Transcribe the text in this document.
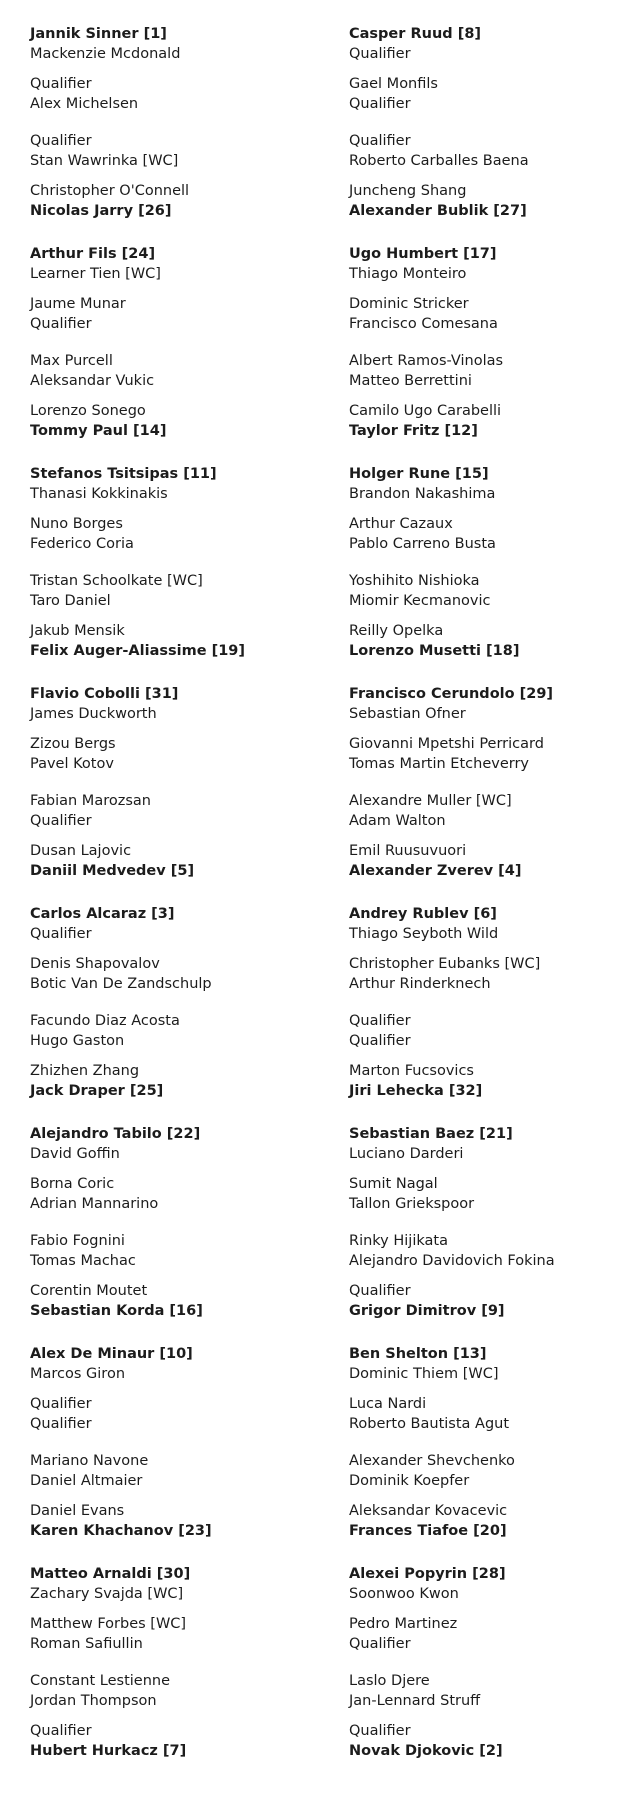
Jannik Sinner [1]
Mackenzie Mcdonald
Qualifier
Alex Michelsen
Qualifier
Stan Wawrinka [WC]
Christopher O'Connell
Nicolas Jarry [26]
Arthur Fils [24]
Learner Tien [WC]
Jaume Munar
Qualifier
Max Purcell
Aleksandar Vukic
Lorenzo Sonego
Tommy Paul [14]
Stefanos Tsitsipas [11]
Thanasi Kokkinakis
Nuno Borges
Federico Coria
Tristan Schoolkate [WC]
Taro Daniel
Jakub Mensik
Felix Auger-Aliassime [19]
Flavio Cobolli [31]
James Duckworth
Zizou Bergs
Pavel Kotov
Fabian Marozsan
Qualifier
Dusan Lajovic
Daniil Medvedev [5]
Carlos Alcaraz [3]
Qualifier
Denis Shapovalov
Botic Van De Zandschulp
Facundo Diaz Acosta
Hugo Gaston
Zhizhen Zhang
Jack Draper [25]
Alejandro Tabilo [22]
David Goffin
Borna Coric
Adrian Mannarino
Fabio Fognini
Tomas Machac
Corentin Moutet
Sebastian Korda [16]
Alex De Minaur [10]
Marcos Giron
Qualifier
Qualifier
Mariano Navone
Daniel Altmaier
Daniel Evans
Karen Khachanov [23]
Matteo Arnaldi [30]
Zachary Svajda [WC]
Matthew Forbes [WC]
Roman Safiullin
Constant Lestienne
Jordan Thompson
Qualifier
Hubert Hurkacz [7]
Casper Ruud [8]
Qualifier
Gael Monfils
Qualifier
Qualifier
Roberto Carballes Baena
Juncheng Shang
Alexander Bublik [27]
Ugo Humbert [17]
Thiago Monteiro
Dominic Stricker
Francisco Comesana
Albert Ramos-Vinolas
Matteo Berrettini
Camilo Ugo Carabelli
Taylor Fritz [12]
Holger Rune [15]
Brandon Nakashima
Arthur Cazaux
Pablo Carreno Busta
Yoshihito Nishioka
Miomir Kecmanovic
Reilly Opelka
Lorenzo Musetti [18]
Francisco Cerundolo [29]
Sebastian Ofner
Giovanni Mpetshi Perricard
Tomas Martin Etcheverry
Alexandre Muller [WC]
Adam Walton
Emil Ruusuvuori
Alexander Zverev [4]
Andrey Rublev [6]
Thiago Seyboth Wild
Christopher Eubanks [WC]
Arthur Rinderknech
Qualifier
Qualifier
Marton Fucsovics
Jiri Lehecka [32]
Sebastian Baez [21]
Luciano Darderi
Sumit Nagal
Tallon Griekspoor
Rinky Hijikata
Alejandro Davidovich Fokina
Qualifier
Grigor Dimitrov [9]
Ben Shelton [13]
Dominic Thiem [WC]
Luca Nardi
Roberto Bautista Agut
Alexander Shevchenko
Dominik Koepfer
Aleksandar Kovacevic
Frances Tiafoe [20]
Alexei Popyrin [28]
Soonwoo Kwon
Pedro Martinez
Qualifier
Laslo Djere
Jan-Lennard Struff
Qualifier
Novak Djokovic [2]
